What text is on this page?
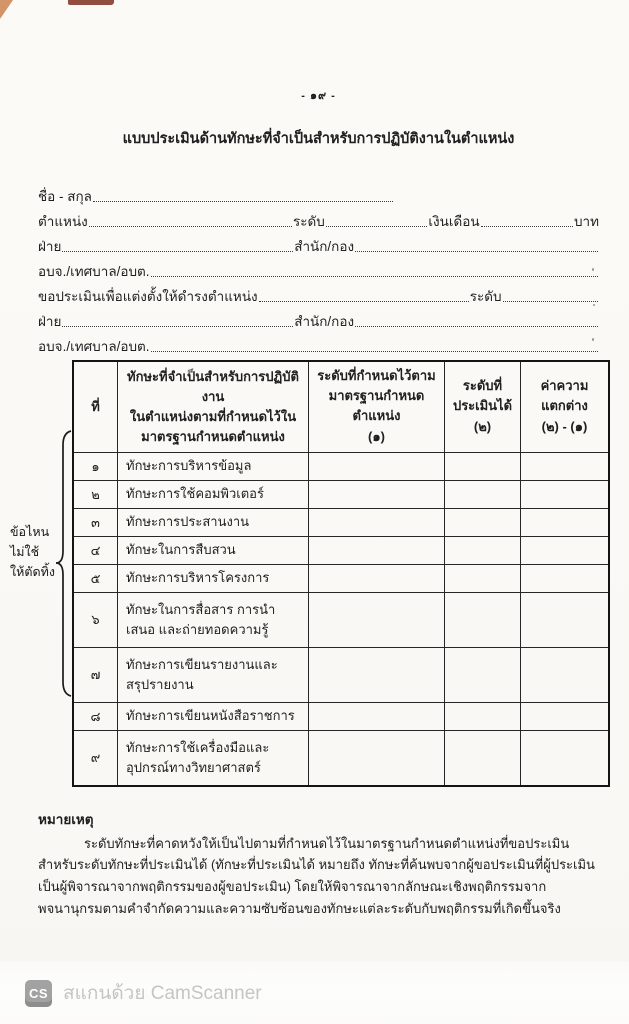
- ๑๙ -
แบบประเมินด้านทักษะที่จำเป็นสำหรับการปฏิบัติงานในตำแหน่ง
ชื่อ - สกุล
ตำแหน่ง	ระดับ	เงินเดือน	บาท
ฝ่าย	สำนัก/กอง
อบจ./เทศบาล/อบต.
ขอประเมินเพื่อแต่งตั้งให้ดำรงตำแหน่ง	ระดับ
ฝ่าย	สำนัก/กอง
อบจ./เทศบาล/อบต.
ข้อไหน
ไม่ใช้
ให้ตัดทิ้ง
ที่

ทักษะที่จำเป็นสำหรับการปฏิบัติงาน
ในตำแหน่งตามที่กำหนดไว้ใน
มาตรฐานกำหนดตำแหน่ง

ระดับที่กำหนดไว้ตาม
มาตรฐานกำหนดตำแหน่ง
(๑)

ระดับที่
ประเมินได้
(๒)

ค่าความ
แตกต่าง
(๒) - (๑)

๑	ทักษะการบริหารข้อมูล			
๒	ทักษะการใช้คอมพิวเตอร์			
๓	ทักษะการประสานงาน			
๔	ทักษะในการสืบสวน			
๕	ทักษะการบริหารโครงการ			
๖	ทักษะในการสื่อสาร การนำเสนอ และถ่ายทอดความรู้			
๗	ทักษะการเขียนรายงานและสรุปรายงาน			
๘	ทักษะการเขียนหนังสือราชการ			
๙	ทักษะการใช้เครื่องมือและอุปกรณ์ทางวิทยาศาสตร์			
หมายเหตุ
ระดับทักษะที่คาดหวังให้เป็นไปตามที่กำหนดไว้ในมาตรฐานกำหนดตำแหน่งที่ขอประเมิน สำหรับระดับทักษะที่ประเมินได้ (ทักษะที่ประเมินได้ หมายถึง ทักษะที่ค้นพบจากผู้ขอประเมินที่ผู้ประเมินเป็นผู้พิจารณาจากพฤติกรรมของผู้ขอประเมิน) โดยให้พิจารณาจากลักษณะเชิงพฤติกรรมจากพจนานุกรมตามคำจำกัดความและความซับซ้อนของทักษะแต่ละระดับกับพฤติกรรมที่เกิดขึ้นจริง
CS สแกนด้วย CamScanner
